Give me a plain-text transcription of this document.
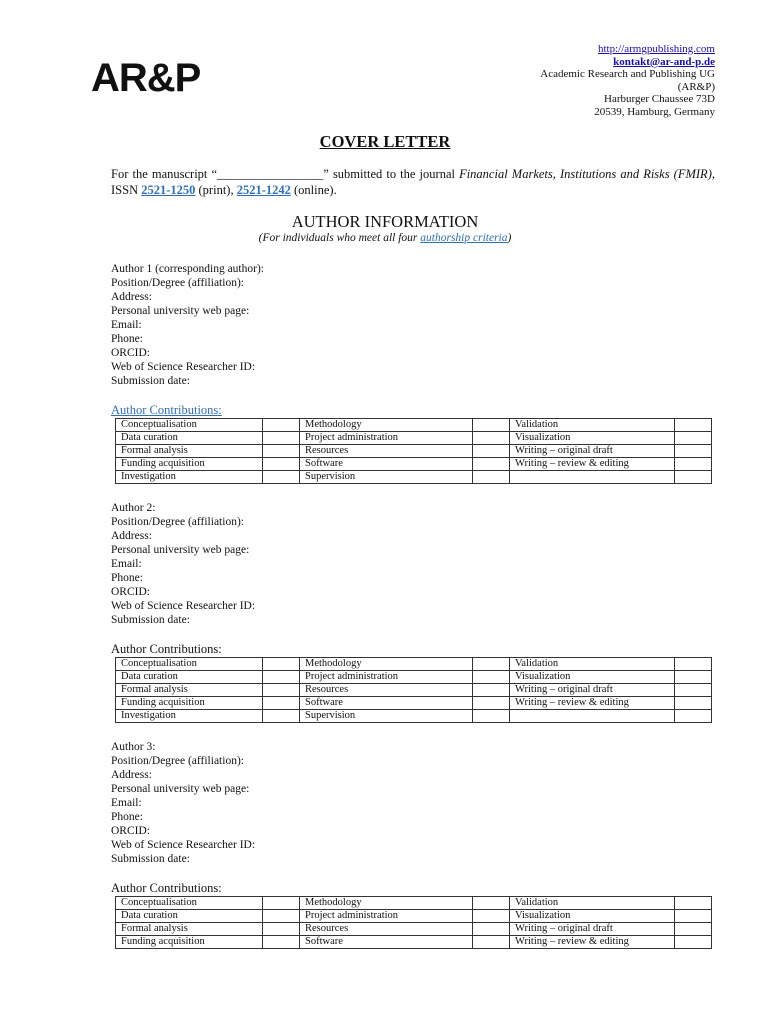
AR&P
http://armgpublishing.com
kontakt@ar-and-p.de
Academic Research and Publishing UG
(AR&P)
Harburger Chaussee 73D
20539, Hamburg, Germany
COVER LETTER
For the manuscript “_________________” submitted to the journal Financial Markets, Institutions and Risks (FMIR), ISSN 2521-1250 (print), 2521-1242 (online).
AUTHOR INFORMATION
(For individuals who meet all four authorship criteria)
Author 1 (corresponding author):
Position/Degree (affiliation):
Address:
Personal university web page:
Email:
Phone:
ORCID:
Web of Science Researcher ID:
Submission date:
Author Contributions:
Conceptualisation		Methodology		Validation	
Data curation		Project administration		Visualization	
Formal analysis		Resources		Writing – original draft	
Funding acquisition		Software		Writing – review & editing	
Investigation		Supervision			
Author 2:
Position/Degree (affiliation):
Address:
Personal university web page:
Email:
Phone:
ORCID:
Web of Science Researcher ID:
Submission date:
Author Contributions:
Conceptualisation		Methodology		Validation	
Data curation		Project administration		Visualization	
Formal analysis		Resources		Writing – original draft	
Funding acquisition		Software		Writing – review & editing	
Investigation		Supervision			
Author 3:
Position/Degree (affiliation):
Address:
Personal university web page:
Email:
Phone:
ORCID:
Web of Science Researcher ID:
Submission date:
Author Contributions:
Conceptualisation		Methodology		Validation	
Data curation		Project administration		Visualization	
Formal analysis		Resources		Writing – original draft	
Funding acquisition		Software		Writing – review & editing	
